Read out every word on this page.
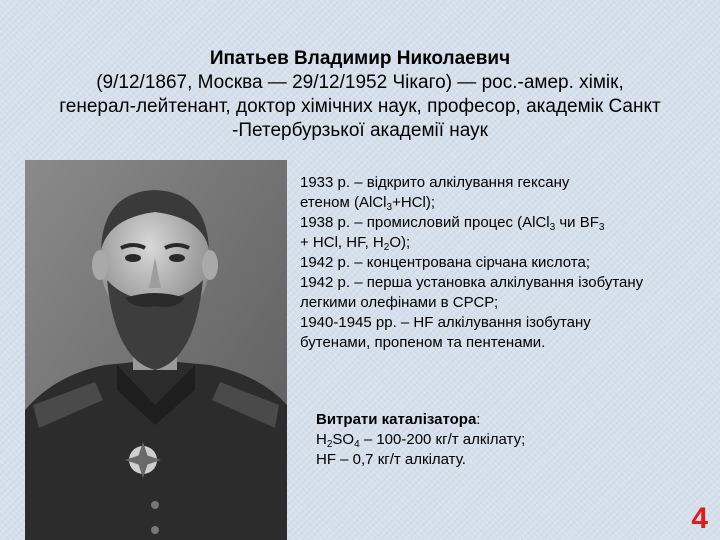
Ипатьев Владимир Николаевич
(9/12/1867, Москва — 29/12/1952 Чікаго) — рос.-амер. хімік,
генерал-лейтенант, доктор хімічних наук, професор, академік Санкт
-Петербурзької академії наук
1933 р. – відкрито алкілування гексану
етеном (AlCl$_3$+HCl);
1938 р. – промисловий процес (AlCl$_3$ чи $BF_3$
+ HCl, HF, $H_2O$);
1942 р. – концентрована сірчана кислота;
1942 р. – перша установка алкілування ізобутану
легкими олефінами в СРСР;
1940-1945 рр. – HF алкілування ізобутану
бутенами, пропеном та пентенами.
Витрати каталізатора:
$H_2SO_4 - 100-200$ кг/т алкілату;
HF – 0,7 кг/т алкілату.
4
